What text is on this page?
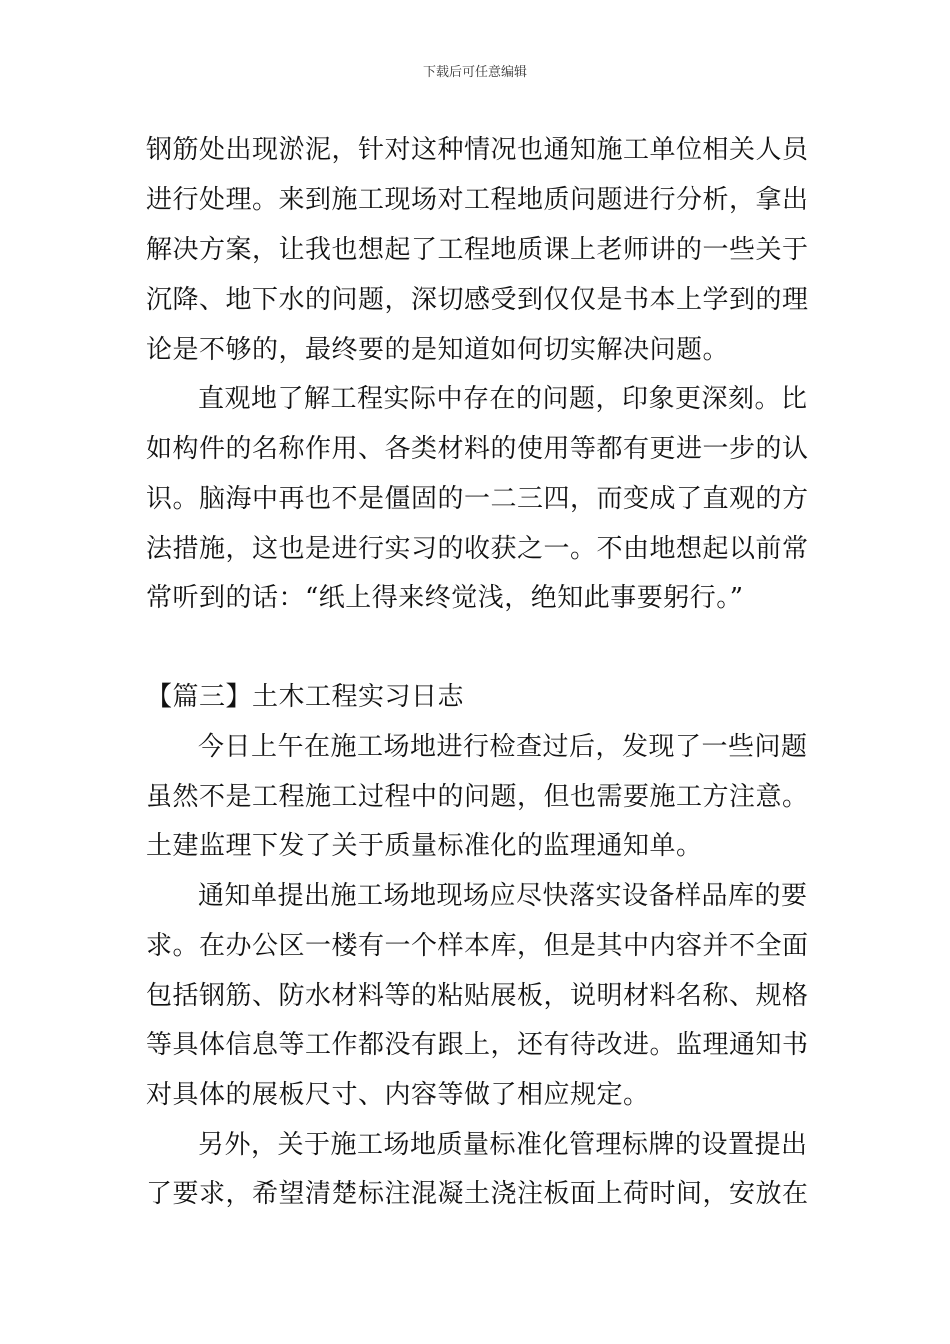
下载后可任意编辑
钢筋处出现淤泥，针对这种情况也通知施工单位相关人员
进行处理。来到施工现场对工程地质问题进行分析，拿出
解决方案，让我也想起了工程地质课上老师讲的一些关于
沉降、地下水的问题，深切感受到仅仅是书本上学到的理
论是不够的，最终要的是知道如何切实解决问题。
直观地了解工程实际中存在的问题，印象更深刻。比
如构件的名称作用、各类材料的使用等都有更进一步的认
识。脑海中再也不是僵固的一二三四，而变成了直观的方
法措施，这也是进行实习的收获之一。不由地想起以前常
常听到的话：“纸上得来终觉浅，绝知此事要躬行。”
【篇三】土木工程实习日志
今日上午在施工场地进行检查过后，发现了一些问题
虽然不是工程施工过程中的问题，但也需要施工方注意。
土建监理下发了关于质量标准化的监理通知单。
通知单提出施工场地现场应尽快落实设备样品库的要
求。在办公区一楼有一个样本库，但是其中内容并不全面
包括钢筋、防水材料等的粘贴展板，说明材料名称、规格
等具体信息等工作都没有跟上，还有待改进。监理通知书
对具体的展板尺寸、内容等做了相应规定。
另外，关于施工场地质量标准化管理标牌的设置提出
了要求，希望清楚标注混凝土浇注板面上荷时间，安放在
